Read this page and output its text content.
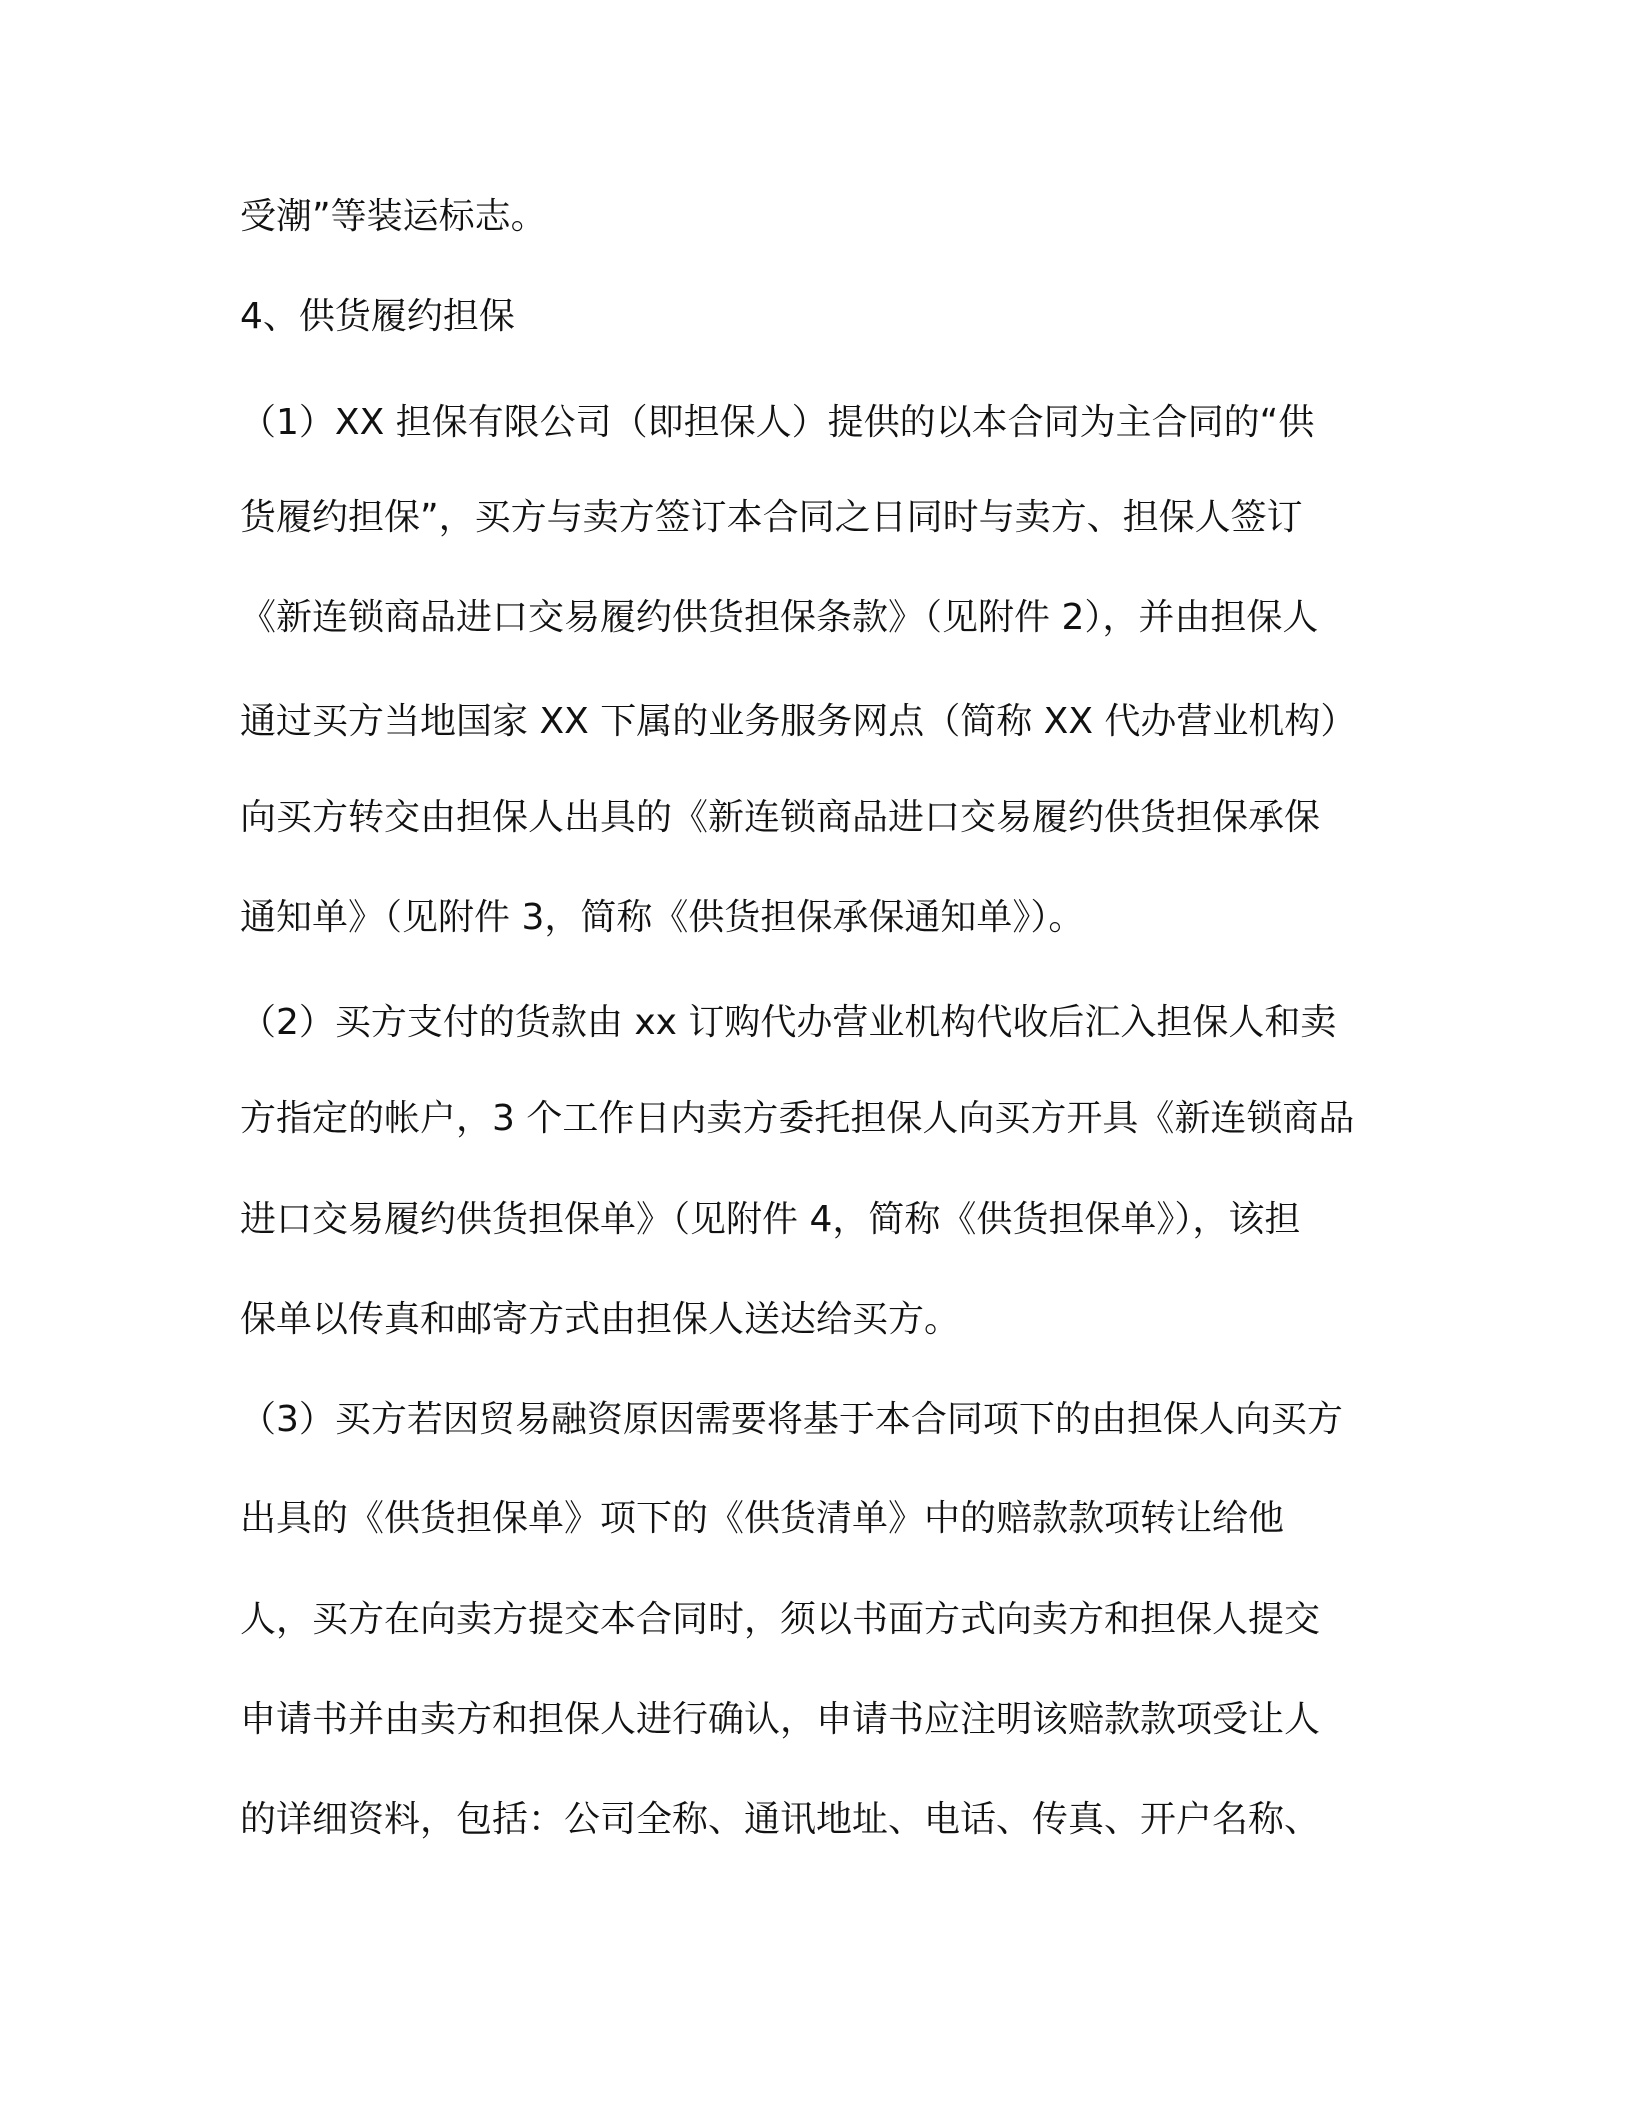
受潮”等装运标志。
4、供货履约担保
（1）XX 担保有限公司（即担保人）提供的以本合同为主合同的“供
货履约担保”，买方与卖方签订本合同之日同时与卖方、担保人签订
《新连锁商品进口交易履约供货担保条款》（见附件 2），并由担保人
通过买方当地国家 XX 下属的业务服务网点（简称 XX 代办营业机构）
向买方转交由担保人出具的《新连锁商品进口交易履约供货担保承保
通知单》（见附件 3，简称《供货担保承保通知单》）。
（2）买方支付的货款由 xx 订购代办营业机构代收后汇入担保人和卖
方指定的帐户，3 个工作日内卖方委托担保人向买方开具《新连锁商品
进口交易履约供货担保单》（见附件 4，简称《供货担保单》），该担
保单以传真和邮寄方式由担保人送达给买方。
（3）买方若因贸易融资原因需要将基于本合同项下的由担保人向买方
出具的《供货担保单》项下的《供货清单》中的赔款款项转让给他
人，买方在向卖方提交本合同时，须以书面方式向卖方和担保人提交
申请书并由卖方和担保人进行确认，申请书应注明该赔款款项受让人
的详细资料，包括：公司全称、通讯地址、电话、传真、开户名称、
